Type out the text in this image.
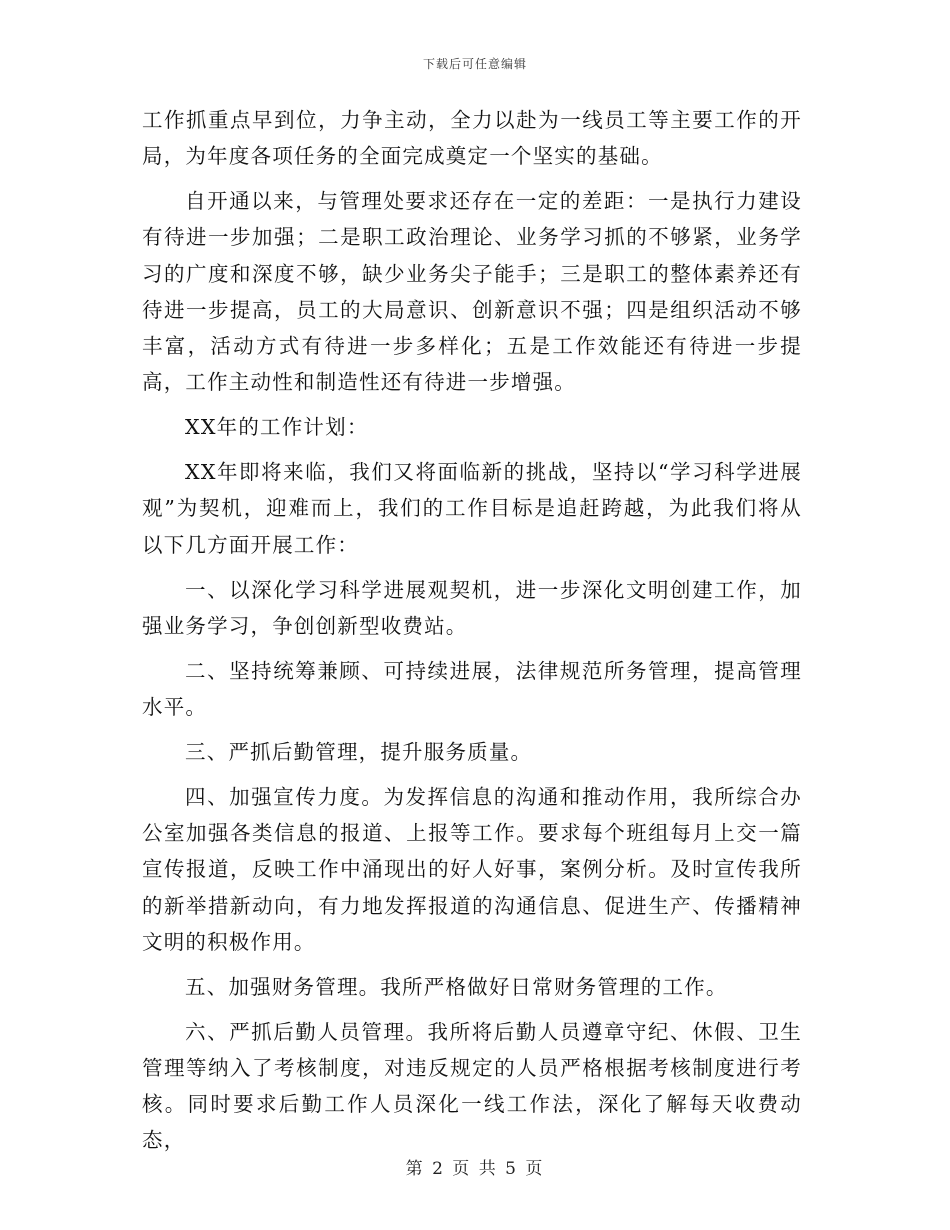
下载后可任意编辑

工作抓重点早到位，力争主动，全力以赴为一线员工等主要工作的开局，为年度各项任务的全面完成奠定一个坚实的基础。

自开通以来，与管理处要求还存在一定的差距：一是执行力建设有待进一步加强；二是职工政治理论、业务学习抓的不够紧，业务学习的广度和深度不够，缺少业务尖子能手；三是职工的整体素养还有待进一步提高，员工的大局意识、创新意识不强；四是组织活动不够丰富，活动方式有待进一步多样化；五是工作效能还有待进一步提高，工作主动性和制造性还有待进一步增强。

XX年的工作计划：

XX年即将来临，我们又将面临新的挑战，坚持以“学习科学进展观”为契机，迎难而上，我们的工作目标是追赶跨越，为此我们将从以下几方面开展工作：

一、以深化学习科学进展观契机，进一步深化文明创建工作，加强业务学习，争创创新型收费站。

二、坚持统筹兼顾、可持续进展，法律规范所务管理，提高管理水平。

三、严抓后勤管理，提升服务质量。

四、加强宣传力度。为发挥信息的沟通和推动作用，我所综合办公室加强各类信息的报道、上报等工作。要求每个班组每月上交一篇宣传报道，反映工作中涌现出的好人好事，案例分析。及时宣传我所的新举措新动向，有力地发挥报道的沟通信息、促进生产、传播精神文明的积极作用。

五、加强财务管理。我所严格做好日常财务管理的工作。

六、严抓后勤人员管理。我所将后勤人员遵章守纪、休假、卫生管理等纳入了考核制度，对违反规定的人员严格根据考核制度进行考核。同时要求后勤工作人员深化一线工作法，深化了解每天收费动态，

第 2 页 共 5 页
